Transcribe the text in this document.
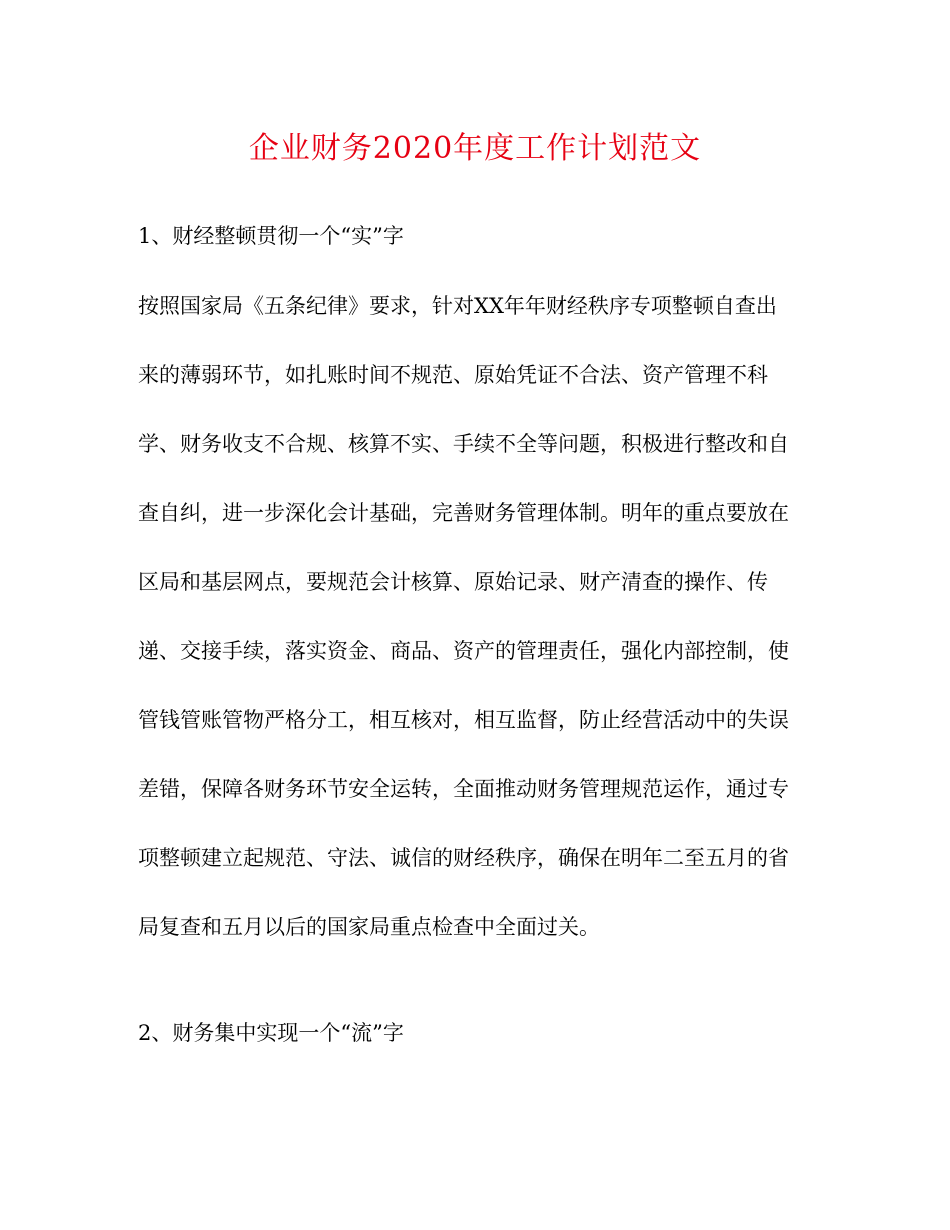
企业财务2020年度工作计划范文

1、财经整顿贯彻一个“实”字

按照国家局《五条纪律》要求，针对XX年年财经秩序专项整顿自查出

来的薄弱环节，如扎账时间不规范、原始凭证不合法、资产管理不科

学、财务收支不合规、核算不实、手续不全等问题，积极进行整改和自

查自纠，进一步深化会计基础，完善财务管理体制。明年的重点要放在

区局和基层网点，要规范会计核算、原始记录、财产清查的操作、传

递、交接手续，落实资金、商品、资产的管理责任，强化内部控制，使

管钱管账管物严格分工，相互核对，相互监督，防止经营活动中的失误

差错，保障各财务环节安全运转，全面推动财务管理规范运作，通过专

项整顿建立起规范、守法、诚信的财经秩序，确保在明年二至五月的省

局复查和五月以后的国家局重点检查中全面过关。

2、财务集中实现一个“流”字
